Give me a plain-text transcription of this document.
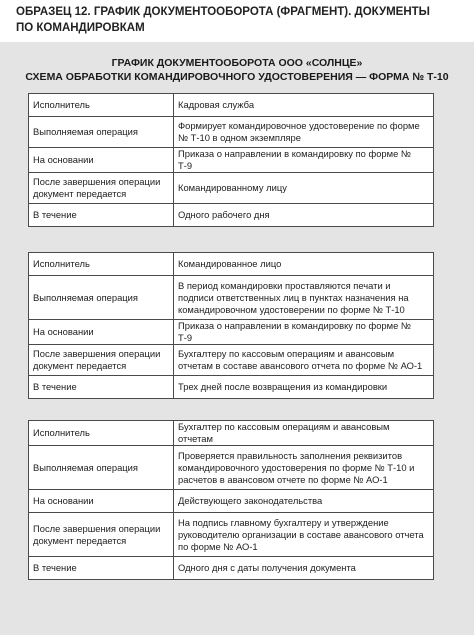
ОБРАЗЕЦ 12. ГРАФИК ДОКУМЕНТООБОРОТА (ФРАГМЕНТ). ДОКУМЕНТЫ
ПО КОМАНДИРОВКАМ
ГРАФИК ДОКУМЕНТООБОРОТА ООО «СОЛНЦЕ»
СХЕМА ОБРАБОТКИ КОМАНДИРОВОЧНОГО УДОСТОВЕРЕНИЯ — ФОРМА № Т-10
Исполнитель	Кадровая служба
Выполняемая операция	Формирует командировочное удостоверение по форме № Т-10 в одном экземпляре
На основании	Приказа о направлении в командировку по форме № Т-9
После завершения операции документ передается	Командированному лицу
В течение	Одного рабочего дня
Исполнитель	Командированное лицо
Выполняемая операция	В период командировки проставляются печати и подписи ответственных лиц в пунктах назначения на командировочном удостоверении по форме № Т-10
На основании	Приказа о направлении в командировку по форме № Т-9
После завершения операции документ передается	Бухгалтеру по кассовым операциям и авансовым отчетам в составе авансового отчета по форме № АО-1
В течение	Трех дней после возвращения из командировки
Исполнитель	Бухгалтер по кассовым операциям и авансовым отчетам
Выполняемая операция	Проверяется правильность заполнения реквизитов командировочного удостоверения по форме № Т-10 и расчетов в авансовом отчете по форме № АО-1
На основании	Действующего законодательства
После завершения операции документ передается	На подпись главному бухгалтеру и утверждение руководителю организации в составе авансового отчета по форме № АО-1
В течение	Одного дня с даты получения документа
